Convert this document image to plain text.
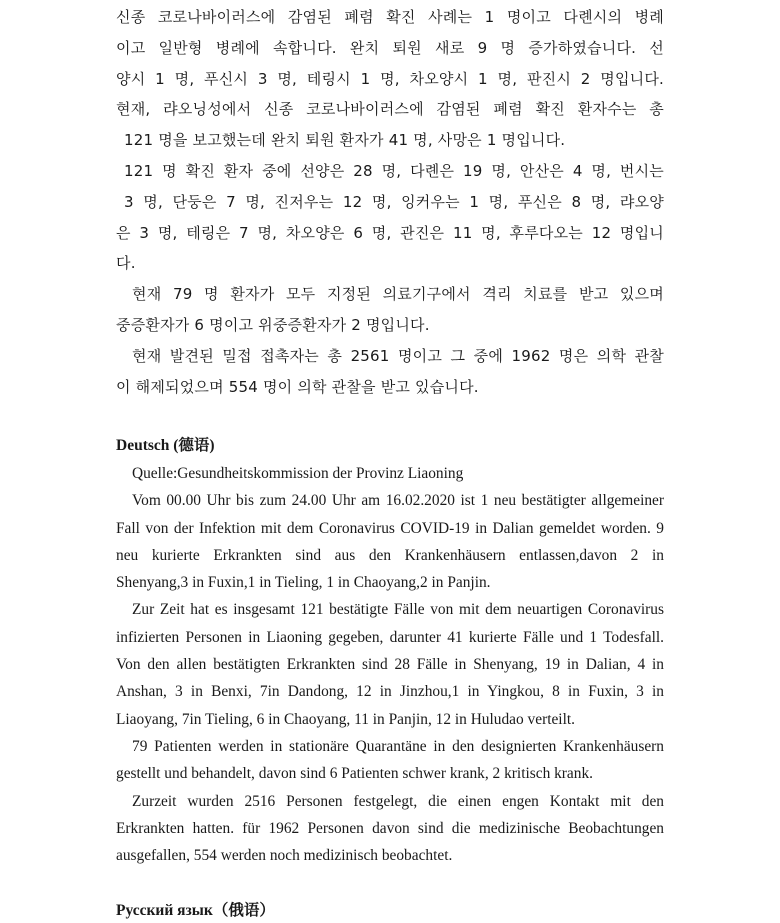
신종 코로나바이러스에 감염된 폐렴 확진 사례는 1 명이고 다롄시의 병례

이고 일반형 병례에 속합니다. 완치 퇴원 새로 9 명 증가하였습니다. 선

양시 1 명, 푸신시 3 명, 테링시 1 명, 차오양시 1 명, 판진시 2 명입니다.

현재, 랴오닝성에서 신종 코로나바이러스에 감염된 폐렴 확진 환자수는 총

121 명을 보고했는데 완치 퇴원 환자가 41 명, 사망은 1 명입니다.

121 명 확진 환자 중에 선양은 28 명, 다롄은 19 명, 안산은 4 명, 번시는

3 명, 단둥은 7 명, 진저우는 12 명, 잉커우는 1 명, 푸신은 8 명, 랴오양

은 3 명, 테링은 7 명, 차오양은 6 명, 관진은 11 명, 후루다오는 12 명입니

다.

현재 79 명 환자가 모두 지정된 의료기구에서 격리 치료를 받고 있으며

중증환자가 6 명이고 위중증환자가 2 명입니다.

현재 발견된 밀접 접촉자는 총 2561 명이고 그 중에 1962 명은 의학 관찰

이 해제되었으며 554 명이 의학 관찰을 받고 있습니다.

Deutsch (德语)

Quelle:Gesundheitskommission der Provinz Liaoning

Vom 00.00 Uhr bis zum 24.00 Uhr am 16.02.2020 ist 1 neu bestätigter allgemeiner

Fall von der Infektion mit dem Coronavirus COVID-19 in Dalian gemeldet worden. 9

neu kurierte Erkrankten sind aus den Krankenhäusern entlassen,davon 2 in

Shenyang,3 in Fuxin,1 in Tieling, 1 in Chaoyang,2 in Panjin.

Zur Zeit hat es insgesamt 121 bestätigte Fälle von mit dem neuartigen Coronavirus

infizierten Personen in Liaoning gegeben, darunter 41 kurierte Fälle und 1 Todesfall.

Von den allen bestätigten Erkrankten sind 28 Fälle in Shenyang, 19 in Dalian, 4 in

Anshan, 3 in Benxi, 7in Dandong, 12 in Jinzhou,1 in Yingkou, 8 in Fuxin, 3 in

Liaoyang, 7in Tieling, 6 in Chaoyang, 11 in Panjin, 12 in Huludao verteilt.

79 Patienten werden in stationäre Quarantäne in den designierten Krankenhäusern

gestellt und behandelt, davon sind 6 Patienten schwer krank, 2 kritisch krank.

Zurzeit wurden 2516 Personen festgelegt, die einen engen Kontakt mit den

Erkrankten hatten. für 1962 Personen davon sind die medizinische Beobachtungen

ausgefallen, 554 werden noch medizinisch beobachtet.

Русский язык（俄语）
